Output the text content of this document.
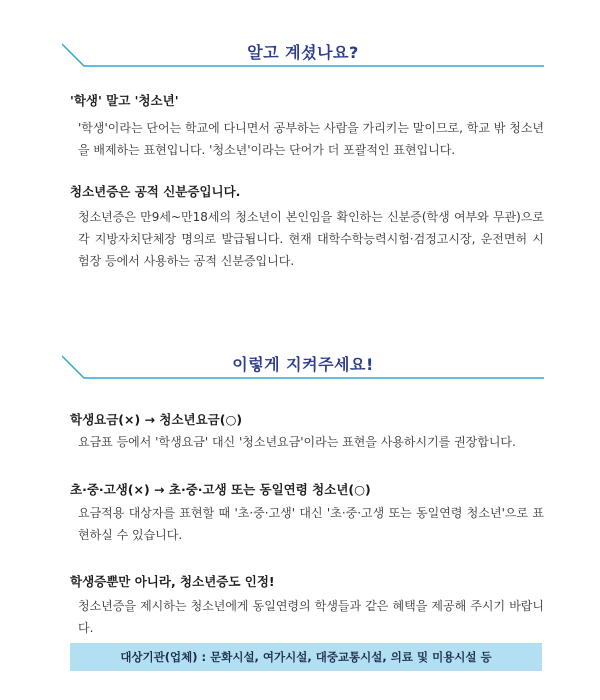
알고 계셨나요?
'학생' 말고 '청소년'
'학생'이라는 단어는 학교에 다니면서 공부하는 사람을 가리키는 말이므로, 학교 밖 청소년을 배제하는 표현입니다. '청소년'이라는 단어가 더 포괄적인 표현입니다.
청소년증은 공적 신분증입니다.
청소년증은 만9세~만18세의 청소년이 본인임을 확인하는 신분증(학생 여부와 무관)으로 각 지방자치단체장 명의로 발급됩니다. 현재 대학수학능력시험·검정고시장, 운전면허 시험장 등에서 사용하는 공적 신분증입니다.
이렇게 지켜주세요!
학생요금(×) → 청소년요금(○)
요금표 등에서 '학생요금' 대신 '청소년요금'이라는 표현을 사용하시기를 권장합니다.
초·중·고생(×) → 초·중·고생 또는 동일연령 청소년(○)
요금적용 대상자를 표현할 때 '초·중·고생' 대신 '초·중·고생 또는 동일연령 청소년'으로 표현하실 수 있습니다.
학생증뿐만 아니라, 청소년증도 인정!
청소년증을 제시하는 청소년에게 동일연령의 학생들과 같은 혜택을 제공해 주시기 바랍니다.
대상기관(업체) : 문화시설, 여가시설, 대중교통시설, 의료 및 미용시설 등
